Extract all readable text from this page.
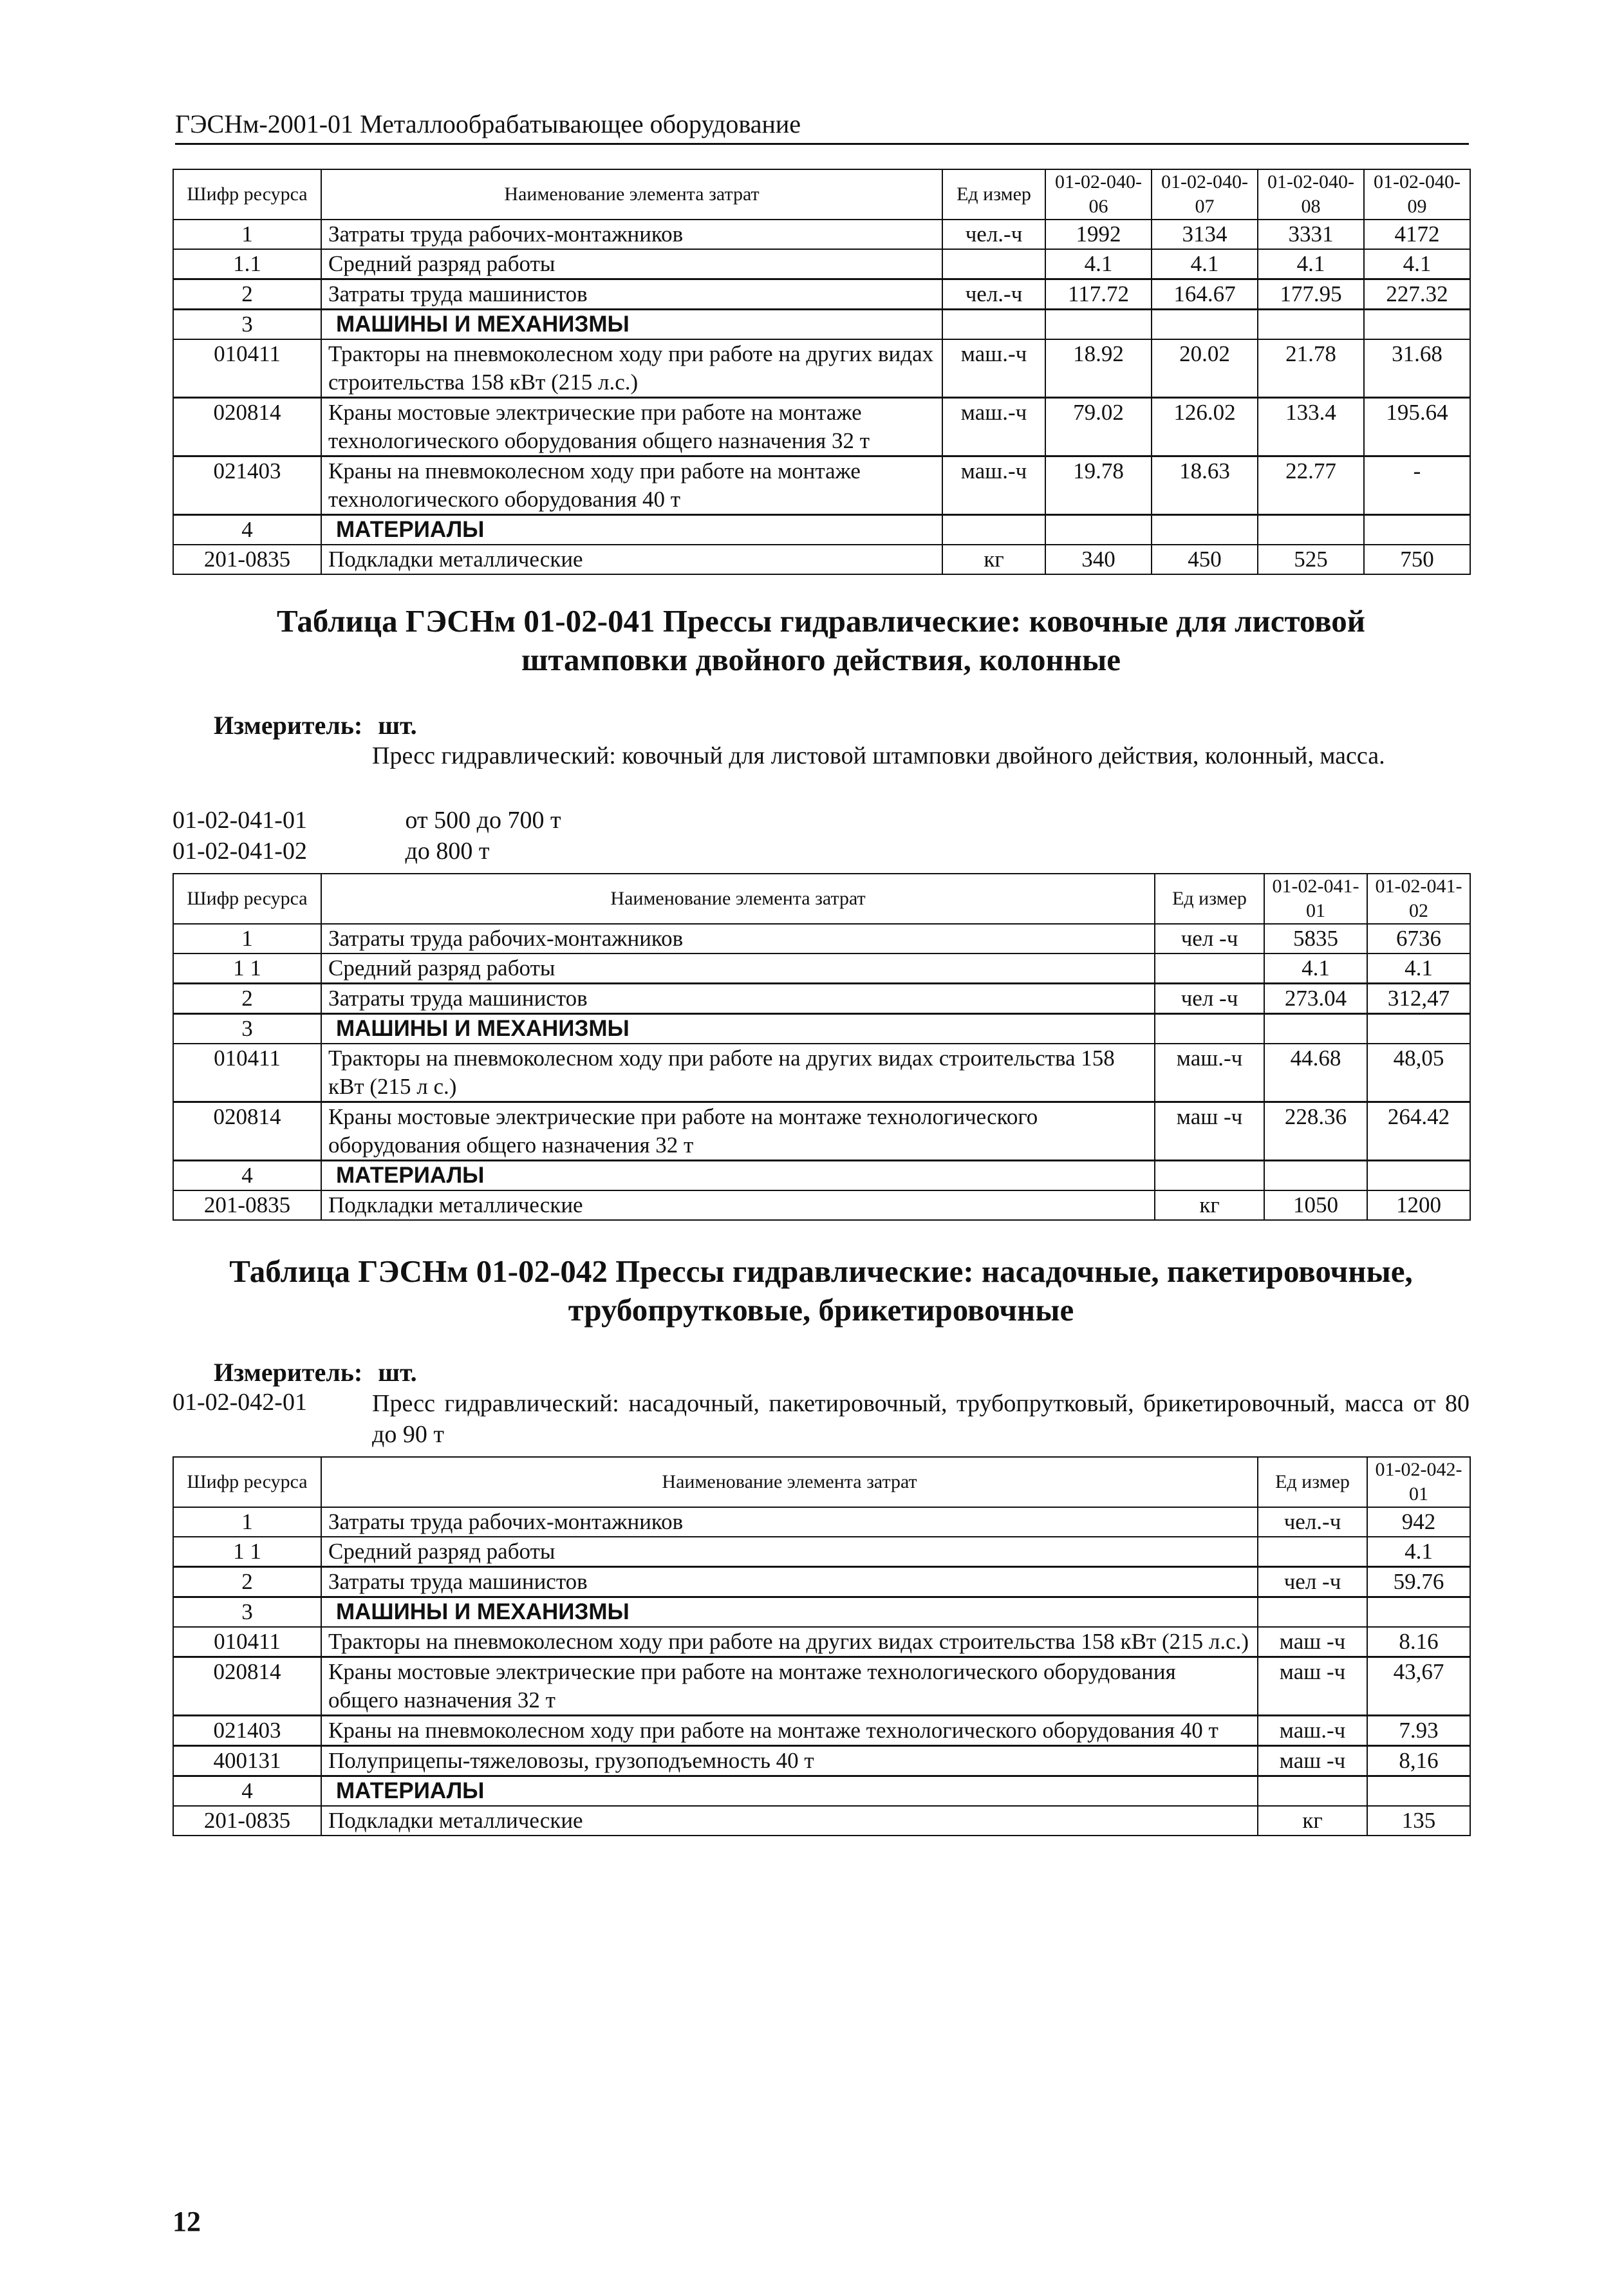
ГЭСНм-2001-01 Металлообрабатывающее оборудование
Шифр ресурса	Наименование элемента затрат	Ед измер	01-02-040-06	01-02-040-07	01-02-040-08	01-02-040-09
1	Затраты труда рабочих-монтажников	чел.-ч	1992	3134	3331	4172
1.1	Средний разряд работы		4.1	4.1	4.1	4.1
2	Затраты труда машинистов	чел.-ч	117.72	164.67	177.95	227.32
3	МАШИНЫ И МЕХАНИЗМЫ					
010411	Тракторы на пневмоколесном ходу при работе на других видах строительства 158 кВт (215 л.с.)	маш.-ч	18.92	20.02	21.78	31.68
020814	Краны мостовые электрические при работе на монтаже технологического оборудования общего назначения 32 т	маш.-ч	79.02	126.02	133.4	195.64
021403	Краны на пневмоколесном ходу при работе на монтаже технологического оборудования 40 т	маш.-ч	19.78	18.63	22.77	-
4	МАТЕРИАЛЫ					
201-0835	Подкладки металлические	кг	340	450	525	750
Таблица ГЭСНм 01-02-041 Прессы гидравлические: ковочные для листовой штамповки двойного действия, колонные
Измеритель: шт.
Пресс гидравлический: ковочный для листовой штамповки двойного действия, колонный, масса.
01-02-041-01	от 500 до 700 т
01-02-041-02	до 800 т
Шифр ресурса	Наименование элемента затрат	Ед измер	01-02-041-01	01-02-041-02
1	Затраты труда рабочих-монтажников	чел -ч	5835	6736
1 1	Средний разряд работы		4.1	4.1
2	Затраты труда машинистов	чел -ч	273.04	312,47
3	МАШИНЫ И МЕХАНИЗМЫ			
010411	Тракторы на пневмоколесном ходу при работе на других видах строительства 158 кВт (215 л с.)	маш.-ч	44.68	48,05
020814	Краны мостовые электрические при работе на монтаже технологического оборудования общего назначения 32 т	маш -ч	228.36	264.42
4	МАТЕРИАЛЫ			
201-0835	Подкладки металлические	кг	1050	1200
Таблица ГЭСНм 01-02-042 Прессы гидравлические: насадочные, пакетировочные, трубопрутковые, брикетировочные
Измеритель: шт.
01-02-042-01	Пресс гидравлический: насадочный, пакетировочный, трубопрутковый, брикетировочный, масса от 80 до 90 т
Шифр ресурса	Наименование элемента затрат	Ед измер	01-02-042-01
1	Затраты труда рабочих-монтажников	чел.-ч	942
1 1	Средний разряд работы		4.1
2	Затраты труда машинистов	чел -ч	59.76
3	МАШИНЫ И МЕХАНИЗМЫ		
010411	Тракторы на пневмоколесном ходу при работе на других видах строительства 158 кВт (215 л.с.)	маш -ч	8.16
020814	Краны мостовые электрические при работе на монтаже технологического оборудования общего назначения 32 т	маш -ч	43,67
021403	Краны на пневмоколесном ходу при работе на монтаже технологического оборудования 40 т	маш.-ч	7.93
400131	Полуприцепы-тяжеловозы, грузоподъемность 40 т	маш -ч	8,16
4	МАТЕРИАЛЫ		
201-0835	Подкладки металлические	кг	135
12
